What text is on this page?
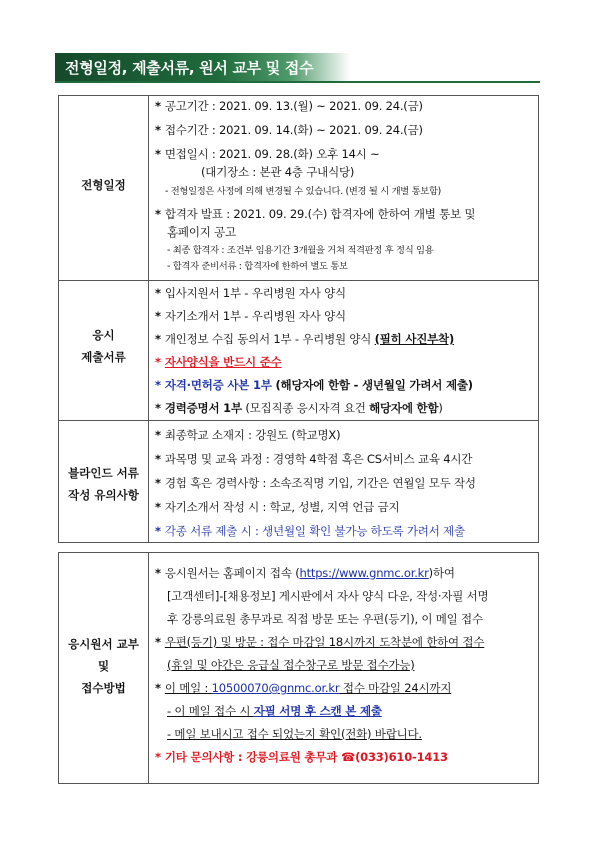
전형일정, 제출서류, 원서 교부 및 접수
전형일정
* 공고기간 : 2021. 09. 13.(월) ~ 2021. 09. 24.(금)
* 접수기간 : 2021. 09. 14.(화) ~ 2021. 09. 24.(금)
* 면접일시 : 2021. 09. 28.(화) 오후 14시 ~
(대기장소 : 본관 4층 구내식당)
- 전형일정은 사정에 의해 변경될 수 있습니다. (변경 될 시 개별 통보함)
* 합격자 발표 : 2021. 09. 29.(수) 합격자에 한하여 개별 통보 및
홈페이지 공고
- 최종 합격자 : 조건부 임용기간 3개월을 거쳐 적격판정 후 정식 임용
- 합격자 준비서류 : 합격자에 한하여 별도 통보
응시
제출서류
* 입사지원서 1부 - 우리병원 자사 양식
* 자기소개서 1부 - 우리병원 자사 양식
* 개인정보 수집 동의서 1부 - 우리병원 양식 (필히 사진부착)
* 자사양식을 반드시 준수
* 자격·면허증 사본 1부 (해당자에 한함 - 생년월일 가려서 제출)
* 경력증명서 1부 (모집직종 응시자격 요건 해당자에 한함)
블라인드 서류
작성 유의사항
* 최종학교 소재지 : 강원도 (학교명X)
* 과목명 및 교육 과정 : 경영학 4학점 혹은 CS서비스 교육 4시간
* 경험 혹은 경력사항 : 소속조직명 기입, 기간은 연월일 모두 작성
* 자기소개서 작성 시 : 학교, 성별, 지역 언급 금지
* 각종 서류 제출 시 : 생년월일 확인 불가능 하도록 가려서 제출
응시원서 교부
및
접수방법
* 응시원서는 홈페이지 접속 (https://www.gnmc.or.kr)하여
[고객센터]-[채용정보] 게시판에서 자사 양식 다운, 작성·자필 서명
후 강릉의료원 총무과로 직접 방문 또는 우편(등기), 이 메일 접수
* 우편(등기) 및 방문 : 접수 마감일 18시까지 도착분에 한하여 접수
(휴일 및 야간은 응급실 접수창구로 방문 접수가능)
* 이 메일 : 10500070@gnmc.or.kr 접수 마감일 24시까지
- 이 메일 접수 시 자필 서명 후 스캔 본 제출
- 메일 보내시고 접수 되었는지 확인(전화) 바랍니다.
* 기타 문의사항 : 강릉의료원 총무과 ☎(033)610-1413
